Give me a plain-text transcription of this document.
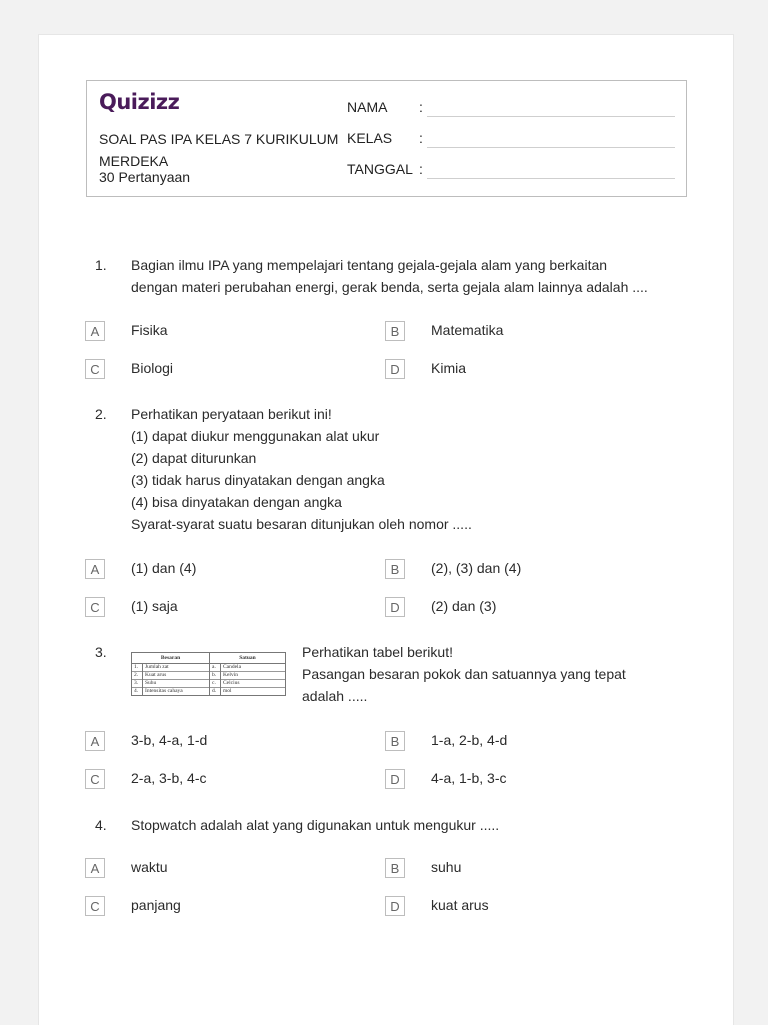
Quizizz
SOAL PAS IPA KELAS 7 KURIKULUM MERDEKA
30 Pertanyaan
NAMA :
KELAS :
TANGGAL :
1. Bagian ilmu IPA yang mempelajari tentang gejala-gejala alam yang berkaitan
dengan materi perubahan energi, gerak benda, serta gejala alam lainnya adalah ....
A	Fisika	B	Matematika
C	Biologi	D	Kimia
2. Perhatikan peryataan berikut ini!
(1) dapat diukur menggunakan alat ukur
(2) dapat diturunkan
(3) tidak harus dinyatakan dengan angka
(4) bisa dinyatakan dengan angka
Syarat-syarat suatu besaran ditunjukan oleh nomor .....
A	(1) dan (4)	B	(2), (3) dan (4)
C	(1) saja	D	(2) dan (3)
3.	Besaran		Satuan	
1.	Jumlah zat	a.	Candela
2.	Kuat arus	b.	Kelvin
3.	Suhu	c.	Celcius
4.	Intensitas cahaya	d.	mol
Perhatikan tabel berikut!
Pasangan besaran pokok dan satuannya yang tepat
adalah .....
A	3-b, 4-a, 1-d	B	1-a, 2-b, 4-d
C	2-a, 3-b, 4-c	D	4-a, 1-b, 3-c
4. Stopwatch adalah alat yang digunakan untuk mengukur .....
A	waktu	B	suhu
C	panjang	D	kuat arus
